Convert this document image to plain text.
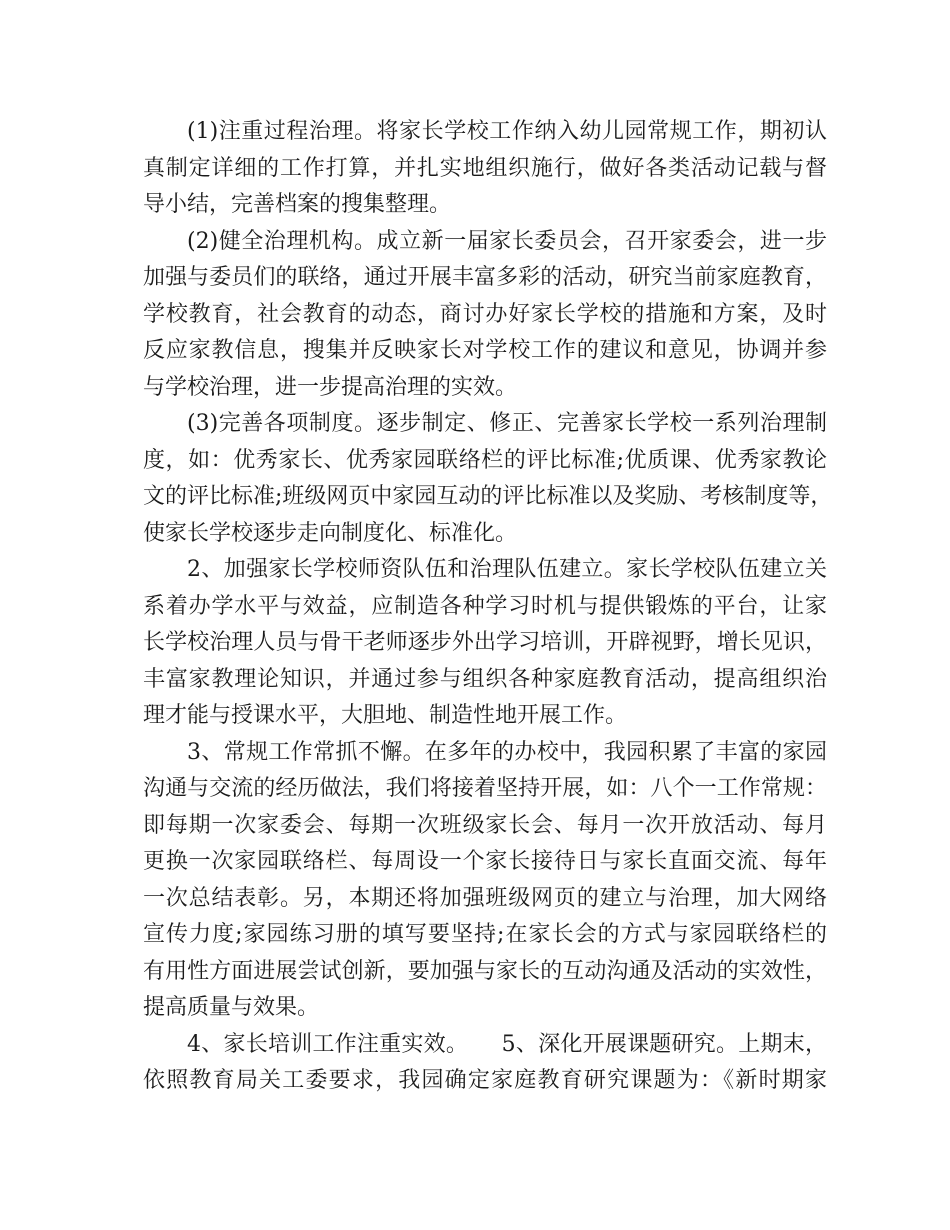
(1)注重过程治理。将家长学校工作纳入幼儿园常规工作，期初认
真制定详细的工作打算，并扎实地组织施行，做好各类活动记载与督
导小结，完善档案的搜集整理。
(2)健全治理机构。成立新一届家长委员会，召开家委会，进一步
加强与委员们的联络，通过开展丰富多彩的活动，研究当前家庭教育，
学校教育，社会教育的动态，商讨办好家长学校的措施和方案，及时
反应家教信息，搜集并反映家长对学校工作的建议和意见，协调并参
与学校治理，进一步提高治理的实效。
(3)完善各项制度。逐步制定、修正、完善家长学校一系列治理制
度，如：优秀家长、优秀家园联络栏的评比标准;优质课、优秀家教论
文的评比标准;班级网页中家园互动的评比标准以及奖励、考核制度等，
使家长学校逐步走向制度化、标准化。
2、加强家长学校师资队伍和治理队伍建立。家长学校队伍建立关
系着办学水平与效益，应制造各种学习时机与提供锻炼的平台，让家
长学校治理人员与骨干老师逐步外出学习培训，开辟视野，增长见识，
丰富家教理论知识，并通过参与组织各种家庭教育活动，提高组织治
理才能与授课水平，大胆地、制造性地开展工作。
3、常规工作常抓不懈。在多年的办校中，我园积累了丰富的家园
沟通与交流的经历做法，我们将接着坚持开展，如：八个一工作常规：
即每期一次家委会、每期一次班级家长会、每月一次开放活动、每月
更换一次家园联络栏、每周设一个家长接待日与家长直面交流、每年
一次总结表彰。另，本期还将加强班级网页的建立与治理，加大网络
宣传力度;家园练习册的填写要坚持;在家长会的方式与家园联络栏的
有用性方面进展尝试创新，要加强与家长的互动沟通及活动的实效性，
提高质量与效果。
4、家长培训工作注重实效。　　5、深化开展课题研究。上期末，
依照教育局关工委要求，我园确定家庭教育研究课题为：《新时期家
